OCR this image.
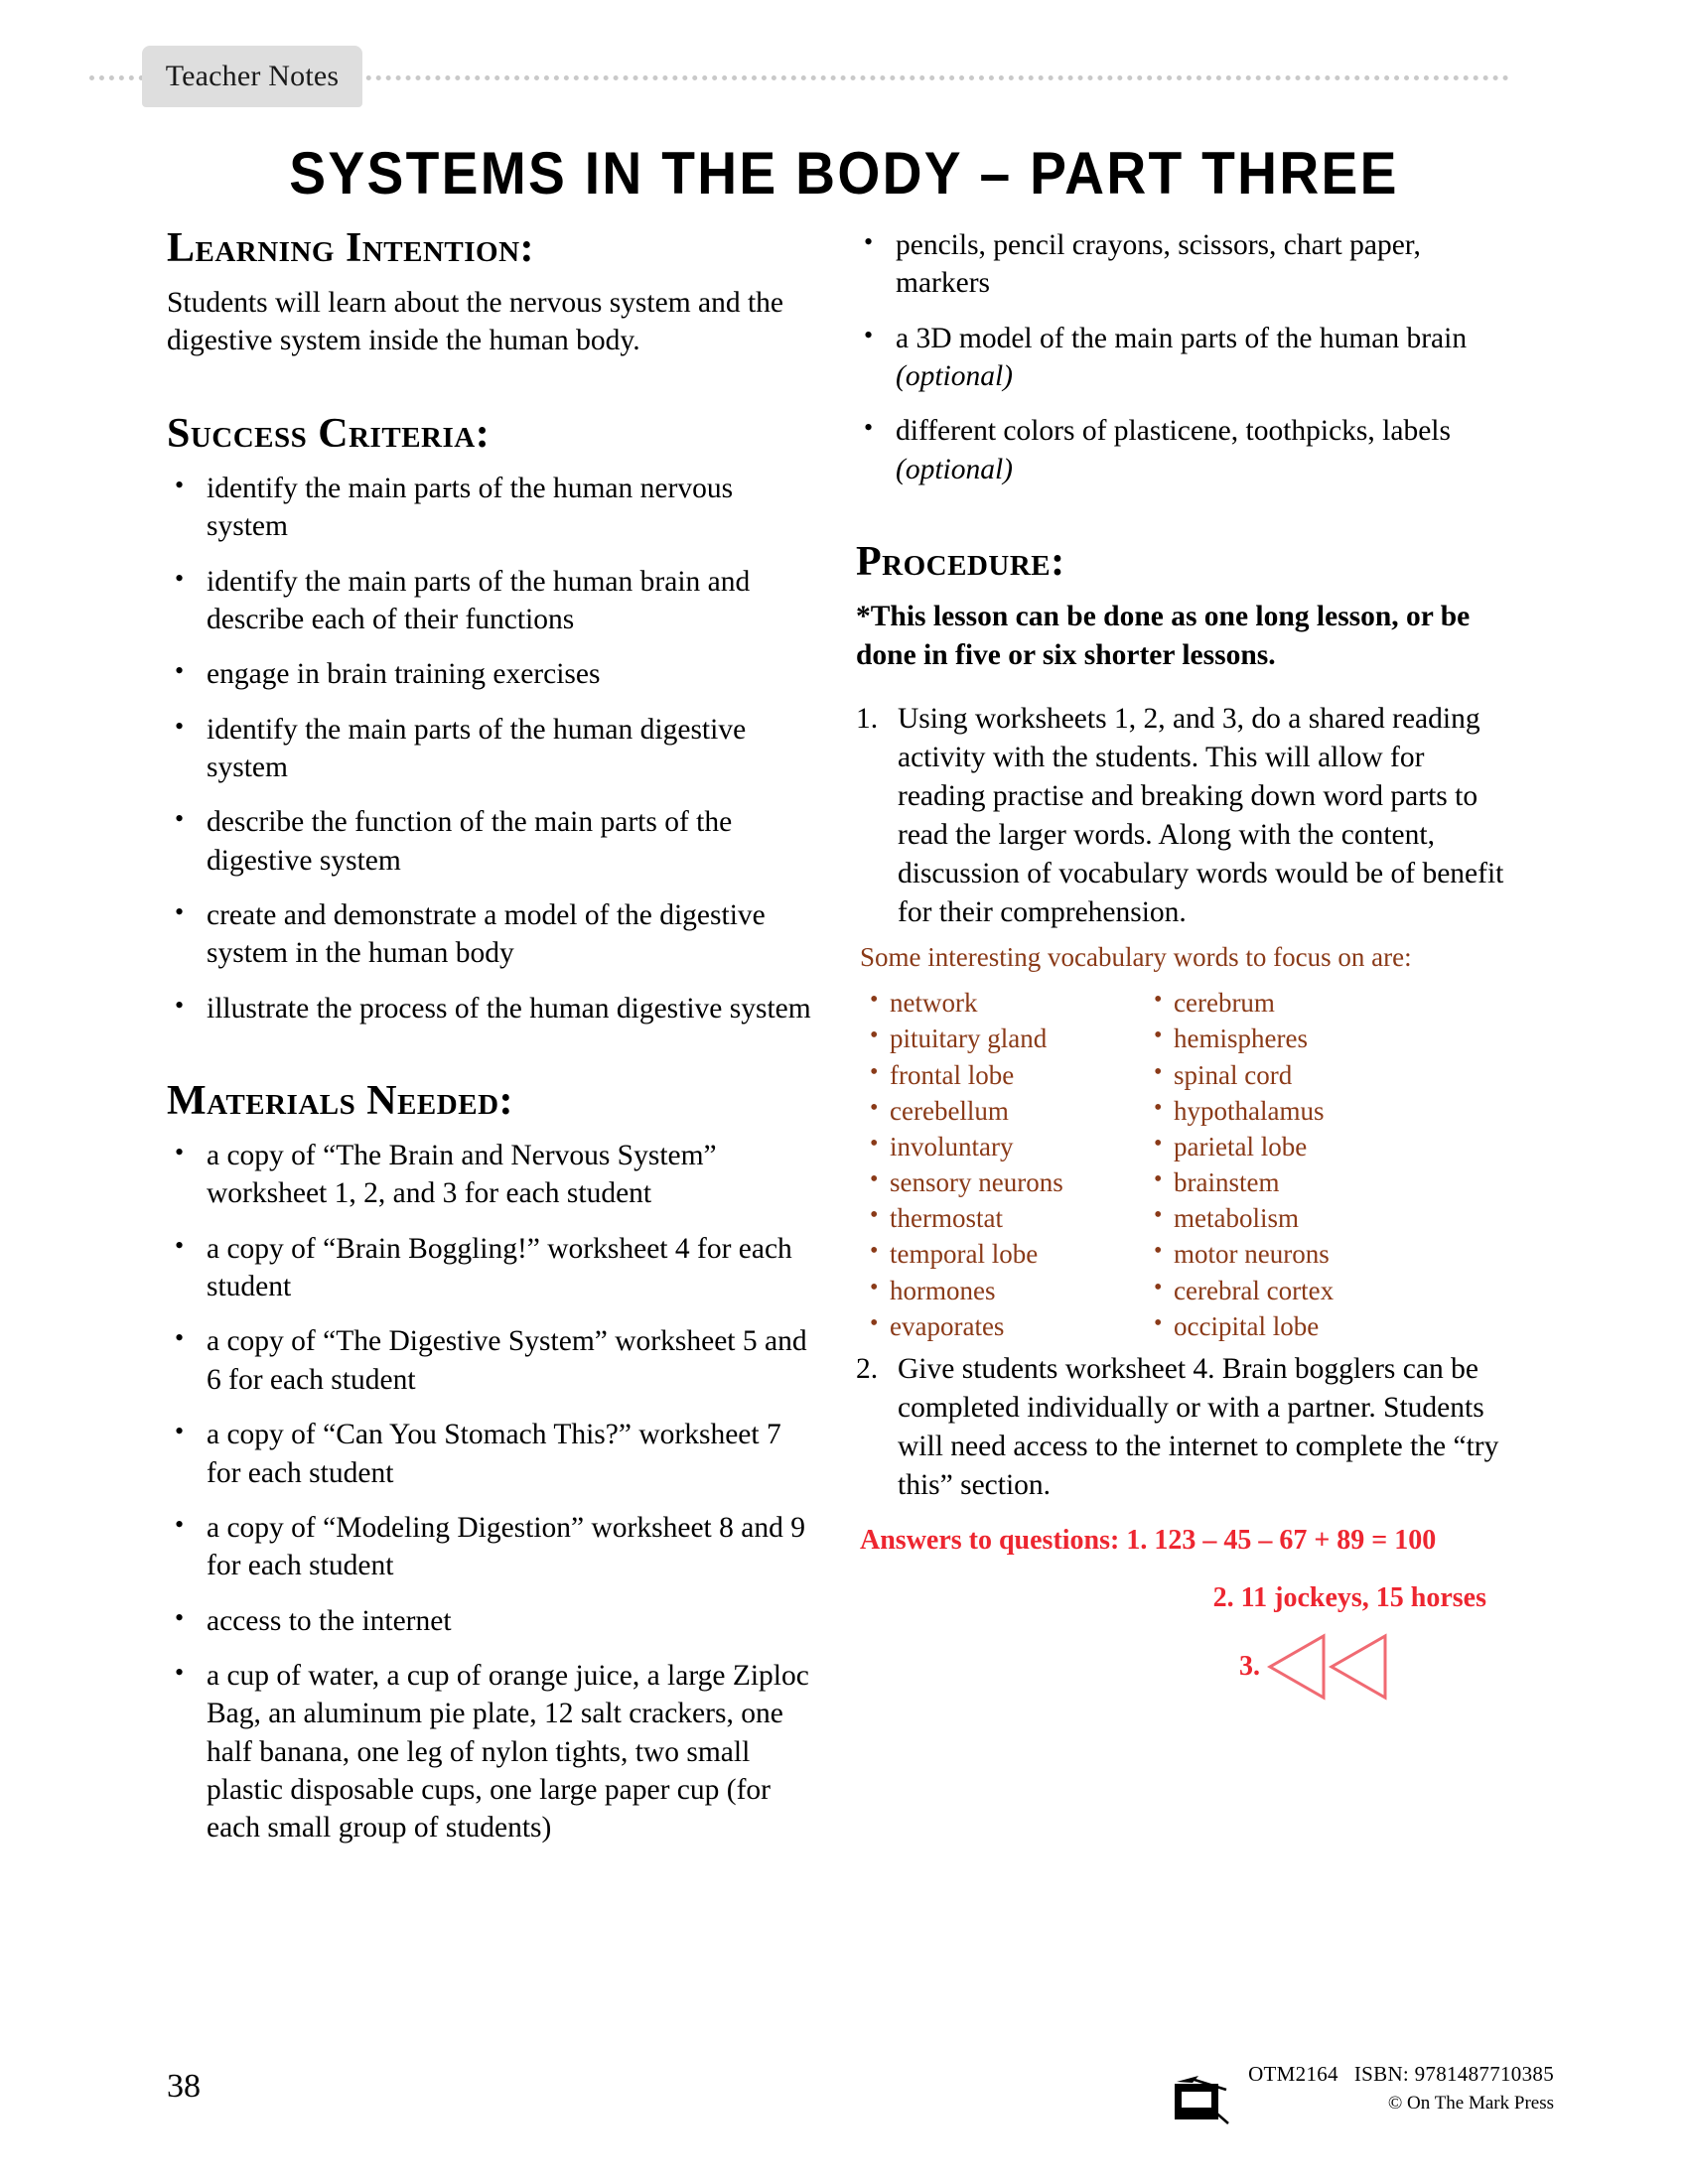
Teacher Notes
SYSTEMS IN THE BODY – PART THREE
Learning Intention:

Students will learn about the nervous system and the digestive system inside the human body.

Success Criteria:
• identify the main parts of the human nervous system
• identify the main parts of the human brain and describe each of their functions
• engage in brain training exercises
• identify the main parts of the human digestive system
• describe the function of the main parts of the digestive system
• create and demonstrate a model of the digestive system in the human body
• illustrate the process of the human digestive system
Materials Needed:
• a copy of “The Brain and Nervous System” worksheet 1, 2, and 3 for each student
• a copy of “Brain Boggling!” worksheet 4 for each student
• a copy of “The Digestive System” worksheet 5 and 6 for each student
• a copy of “Can You Stomach This?” worksheet 7 for each student
• a copy of “Modeling Digestion” worksheet 8 and 9 for each student
• access to the internet
• a cup of water, a cup of orange juice, a large Ziploc Bag, an aluminum pie plate, 12 salt crackers, one half banana, one leg of nylon tights, two small plastic disposable cups, one large paper cup (for each small group of students)
• pencils, pencil crayons, scissors, chart paper, markers
• a 3D model of the main parts of the human brain (optional)
• different colors of plasticene, toothpicks, labels (optional)
Procedure:

*This lesson can be done as one long lesson, or be done in five or six shorter lessons.

1. Using worksheets 1, 2, and 3, do a shared reading activity with the students. This will allow for reading practise and breaking down word parts to read the larger words. Along with the content, discussion of vocabulary words would be of benefit for their comprehension.
Some interesting vocabulary words to focus on are:
• network
• pituitary gland
• frontal lobe
• cerebellum
• involuntary
• sensory neurons
• thermostat
• temporal lobe
• hormones
• evaporates
• cerebrum
• hemispheres
• spinal cord
• hypothalamus
• parietal lobe
• brainstem
• metabolism
• motor neurons
• cerebral cortex
• occipital lobe
2. Give students worksheet 4. Brain bogglers can be completed individually or with a partner. Students will need access to the internet to complete the “try this” section.
Answers to questions: 1. 123 – 45 – 67 + 89 = 100
2. 11 jockeys, 15 horses
3.
38	OTM2164 ISBN: 9781487710385
© On The Mark Press
